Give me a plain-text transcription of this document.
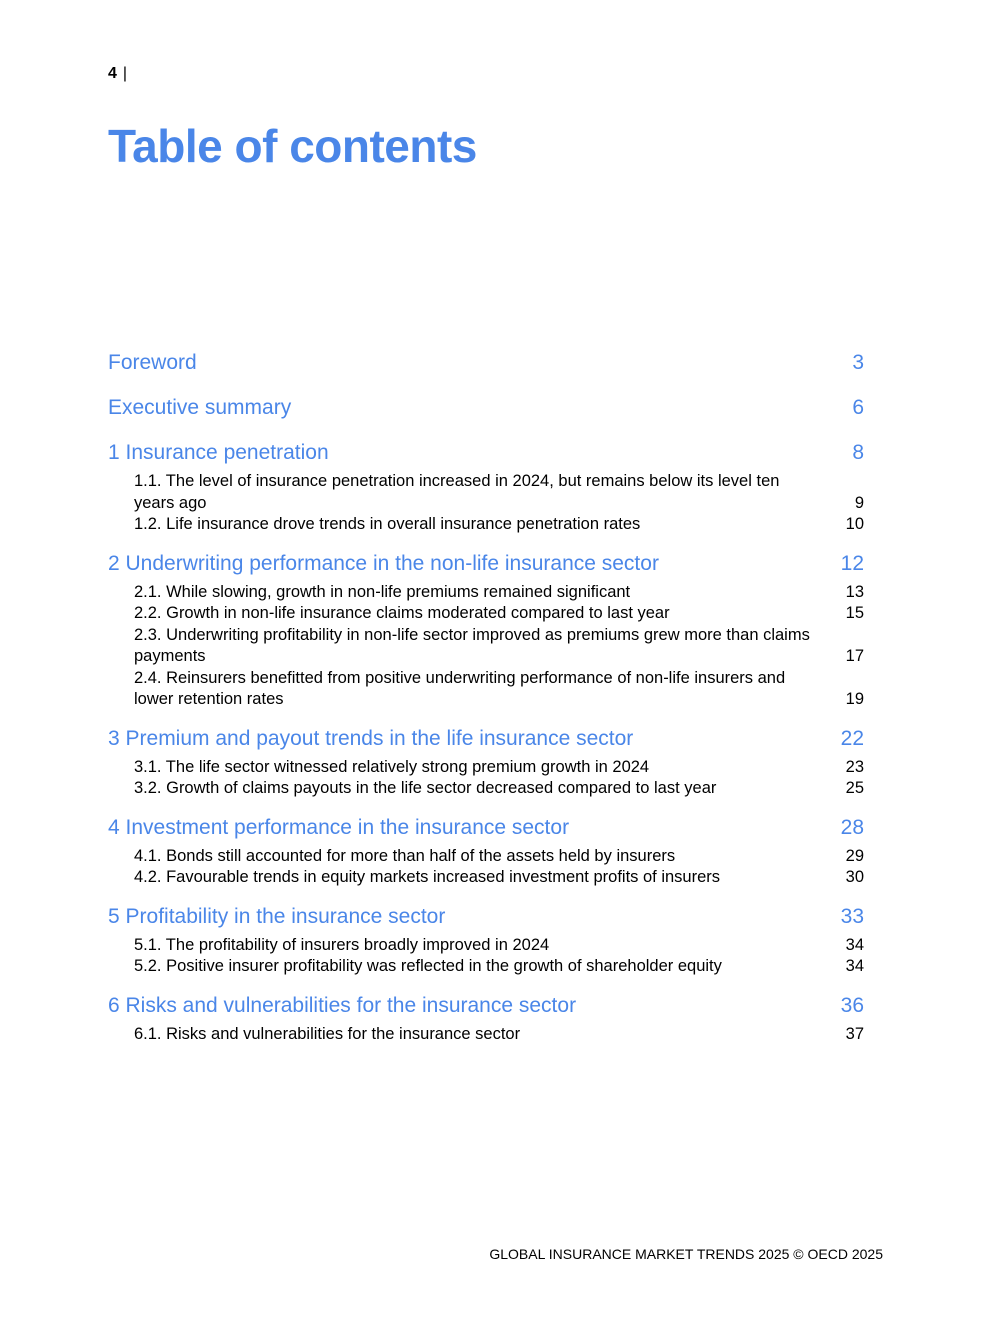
4 |
Table of contents
Foreword	3
Executive summary	6
1 Insurance penetration	8
1.1. The level of insurance penetration increased in 2024, but remains below its level ten years ago	9
1.2. Life insurance drove trends in overall insurance penetration rates	10
2 Underwriting performance in the non-life insurance sector	12
2.1. While slowing, growth in non-life premiums remained significant	13
2.2. Growth in non-life insurance claims moderated compared to last year	15
2.3. Underwriting profitability in non-life sector improved as premiums grew more than claims payments	17
2.4. Reinsurers benefitted from positive underwriting performance of non-life insurers and lower retention rates	19
3 Premium and payout trends in the life insurance sector	22
3.1. The life sector witnessed relatively strong premium growth in 2024	23
3.2. Growth of claims payouts in the life sector decreased compared to last year	25
4 Investment performance in the insurance sector	28
4.1. Bonds still accounted for more than half of the assets held by insurers	29
4.2. Favourable trends in equity markets increased investment profits of insurers	30
5 Profitability in the insurance sector	33
5.1. The profitability of insurers broadly improved in 2024	34
5.2. Positive insurer profitability was reflected in the growth of shareholder equity	34
6 Risks and vulnerabilities for the insurance sector	36
6.1. Risks and vulnerabilities for the insurance sector	37
GLOBAL INSURANCE MARKET TRENDS 2025 © OECD 2025
